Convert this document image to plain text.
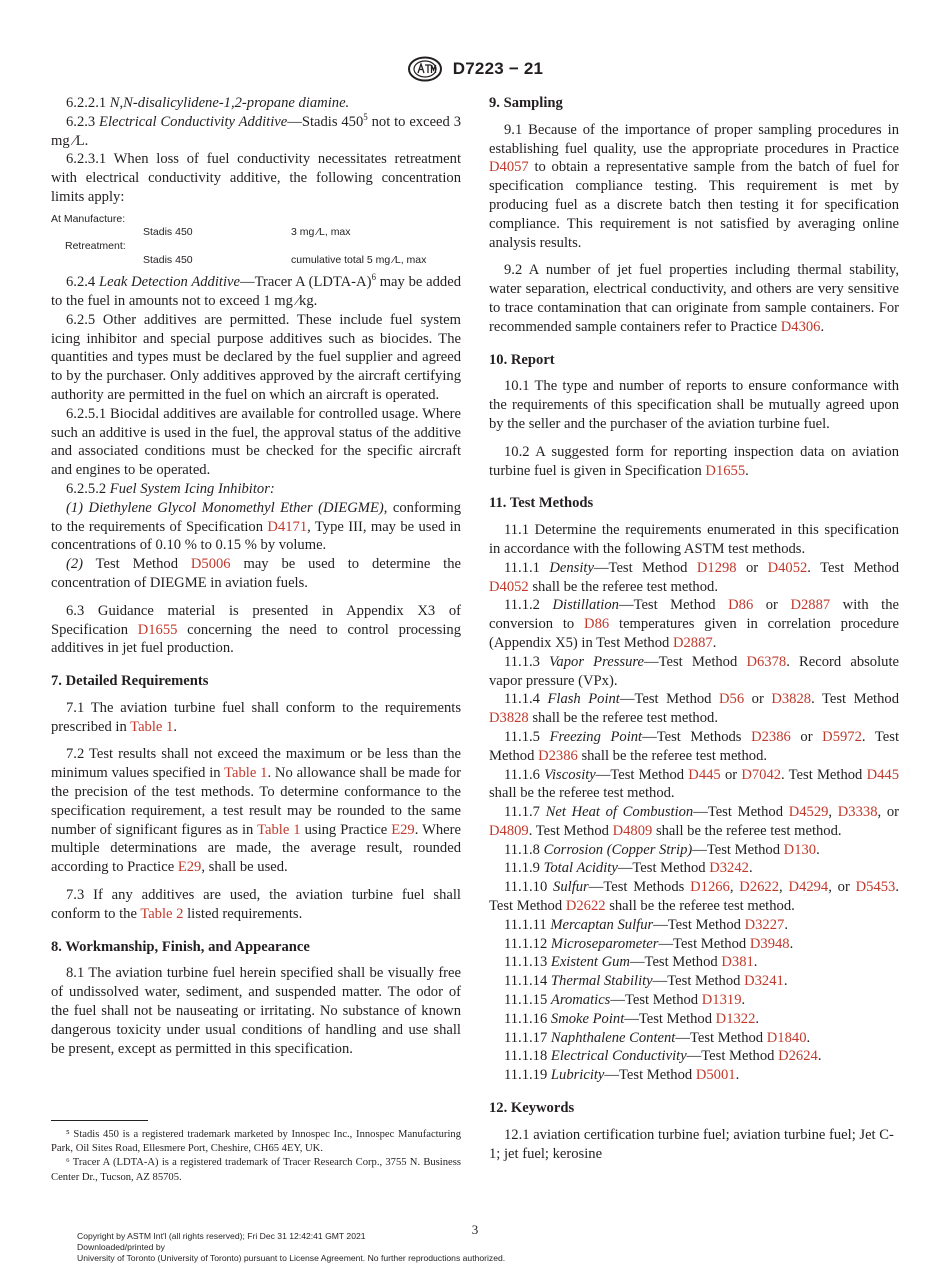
D7223 − 21

6.2.2.1 N,N-disalicylidene-1,2-propane diamine.

6.2.3 Electrical Conductivity Additive—Stadis $450^5$ not to exceed 3 mg ⁄L.

6.2.3.1 When loss of fuel conductivity necessitates retreatment with electrical conductivity additive, the following concentration limits apply:

At Manufacture:
Stadis 450	3 mg ⁄L, max
Retreatment:
Stadis 450	cumulative total 5 mg ⁄L, max

6.2.4 Leak Detection Additive—Tracer A (LDTA-A)$^6$ may be added to the fuel in amounts not to exceed 1 mg ⁄kg.

6.2.5 Other additives are permitted. These include fuel system icing inhibitor and special purpose additives such as biocides. The quantities and types must be declared by the fuel supplier and agreed to by the purchaser. Only additives approved by the aircraft certifying authority are permitted in the fuel on which an aircraft is operated.

6.2.5.1 Biocidal additives are available for controlled usage. Where such an additive is used in the fuel, the approval status of the additive and associated conditions must be checked for the specific aircraft and engines to be operated.

6.2.5.2 Fuel System Icing Inhibitor:

(1) Diethylene Glycol Monomethyl Ether (DIEGME), conforming to the requirements of Specification D4171, Type III, may be used in concentrations of 0.10 % to 0.15 % by volume.

(2) Test Method D5006 may be used to determine the concentration of DIEGME in aviation fuels.

6.3 Guidance material is presented in Appendix X3 of Specification D1655 concerning the need to control processing additives in jet fuel production.

7. Detailed Requirements

7.1 The aviation turbine fuel shall conform to the requirements prescribed in Table 1.

7.2 Test results shall not exceed the maximum or be less than the minimum values specified in Table 1. No allowance shall be made for the precision of the test methods. To determine conformance to the specification requirement, a test result may be rounded to the same number of significant figures as in Table 1 using Practice E29. Where multiple determinations are made, the average result, rounded according to Practice E29, shall be used.

7.3 If any additives are used, the aviation turbine fuel shall conform to the Table 2 listed requirements.

8. Workmanship, Finish, and Appearance

8.1 The aviation turbine fuel herein specified shall be visually free of undissolved water, sediment, and suspended matter. The odor of the fuel shall not be nauseating or irritating. No substance of known dangerous toxicity under usual conditions of handling and use shall be present, except as permitted in this specification.

⁵ Stadis 450 is a registered trademark marketed by Innospec Inc., Innospec Manufacturing Park, Oil Sites Road, Ellesmere Port, Cheshire, CH65 4EY, UK.

⁶ Tracer A (LDTA-A) is a registered trademark of Tracer Research Corp., 3755 N. Business Center Dr., Tucson, AZ 85705.

9. Sampling

9.1 Because of the importance of proper sampling procedures in establishing fuel quality, use the appropriate procedures in Practice D4057 to obtain a representative sample from the batch of fuel for specification compliance testing. This requirement is met by producing fuel as a discrete batch then testing it for specification compliance. This requirement is not satisfied by averaging online analysis results.

9.2 A number of jet fuel properties including thermal stability, water separation, electrical conductivity, and others are very sensitive to trace contamination that can originate from sample containers. For recommended sample containers refer to Practice D4306.

10. Report

10.1 The type and number of reports to ensure conformance with the requirements of this specification shall be mutually agreed upon by the seller and the purchaser of the aviation turbine fuel.

10.2 A suggested form for reporting inspection data on aviation turbine fuel is given in Specification D1655.

11. Test Methods

11.1 Determine the requirements enumerated in this specification in accordance with the following ASTM test methods.

11.1.1 Density—Test Method D1298 or D4052. Test Method D4052 shall be the referee test method.

11.1.2 Distillation—Test Method D86 or D2887 with the conversion to D86 temperatures given in correlation procedure (Appendix X5) in Test Method D2887.

11.1.3 Vapor Pressure—Test Method D6378. Record absolute vapor pressure (VPx).

11.1.4 Flash Point—Test Method D56 or D3828. Test Method D3828 shall be the referee test method.

11.1.5 Freezing Point—Test Methods D2386 or D5972. Test Method D2386 shall be the referee test method.

11.1.6 Viscosity—Test Method D445 or D7042. Test Method D445 shall be the referee test method.

11.1.7 Net Heat of Combustion—Test Method D4529, D3338, or D4809. Test Method D4809 shall be the referee test method.

11.1.8 Corrosion (Copper Strip)—Test Method D130.

11.1.9 Total Acidity—Test Method D3242.

11.1.10 Sulfur—Test Methods D1266, D2622, D4294, or D5453. Test Method D2622 shall be the referee test method.

11.1.11 Mercaptan Sulfur—Test Method D3227.

11.1.12 Microseparometer—Test Method D3948.

11.1.13 Existent Gum—Test Method D381.

11.1.14 Thermal Stability—Test Method D3241.

11.1.15 Aromatics—Test Method D1319.

11.1.16 Smoke Point—Test Method D1322.

11.1.17 Naphthalene Content—Test Method D1840.

11.1.18 Electrical Conductivity—Test Method D2624.

11.1.19 Lubricity—Test Method D5001.

12. Keywords

12.1 aviation certification turbine fuel; aviation turbine fuel; Jet C-1; jet fuel; kerosine

3
Copyright by ASTM Int'l (all rights reserved); Fri Dec 31 12:42:41 GMT 2021
Downloaded/printed by
University of Toronto (University of Toronto) pursuant to License Agreement. No further reproductions authorized.
